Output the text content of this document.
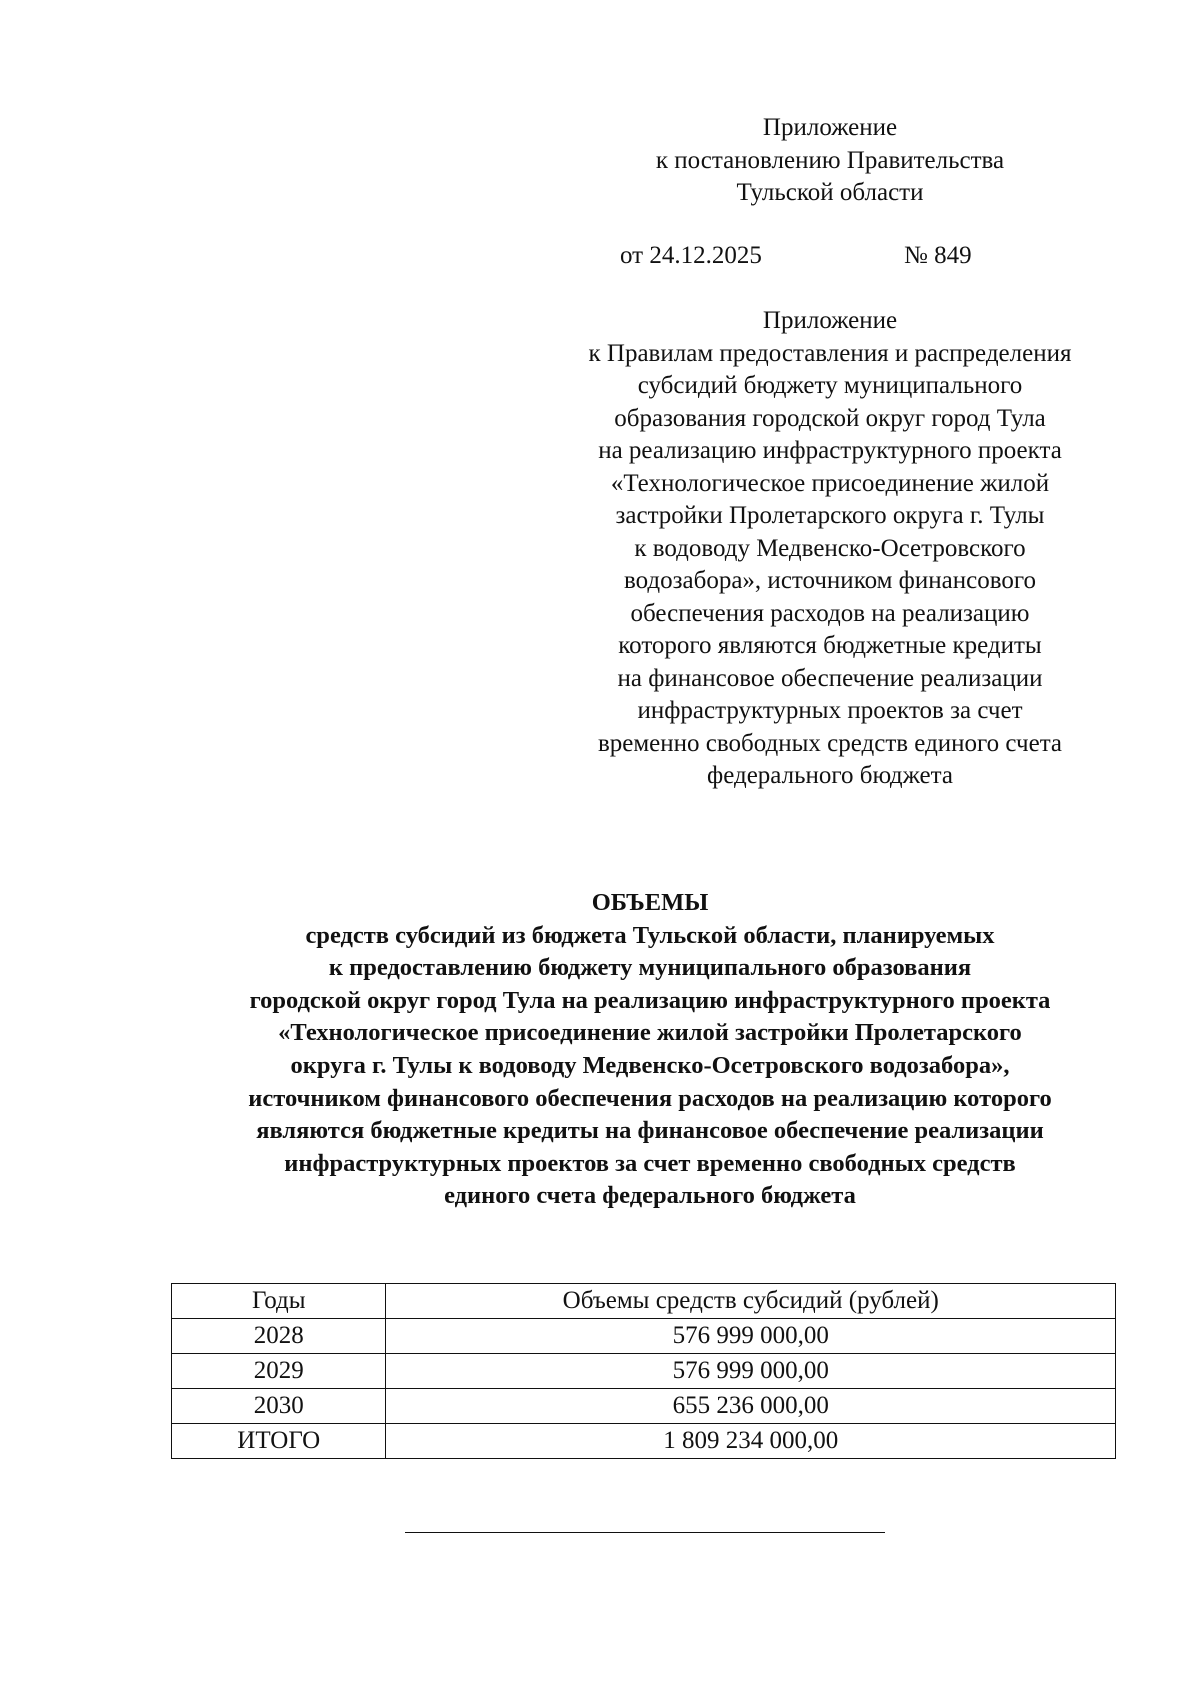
Приложение
к постановлению Правительства
Тульской области
от 24.12.2025	№ 849
Приложение
к Правилам предоставления и распределения
субсидий бюджету муниципального
образования городской округ город Тула
на реализацию инфраструктурного проекта
«Технологическое присоединение жилой
застройки Пролетарского округа г. Тулы
к водоводу Медвенско-Осетровского
водозабора», источником финансового
обеспечения расходов на реализацию
которого являются бюджетные кредиты
на финансовое обеспечение реализации
инфраструктурных проектов за счет
временно свободных средств единого счета
федерального бюджета
ОБЪЕМЫ
средств субсидий из бюджета Тульской области, планируемых
к предоставлению бюджету муниципального образования
городской округ город Тула на реализацию инфраструктурного проекта
«Технологическое присоединение жилой застройки Пролетарского
округа г. Тулы к водоводу Медвенско-Осетровского водозабора»,
источником финансового обеспечения расходов на реализацию которого
являются бюджетные кредиты на финансовое обеспечение реализации
инфраструктурных проектов за счет временно свободных средств
единого счета федерального бюджета
Годы	Объемы средств субсидий (рублей)
2028	576 999 000,00
2029	576 999 000,00
2030	655 236 000,00
ИТОГО	1 809 234 000,00
